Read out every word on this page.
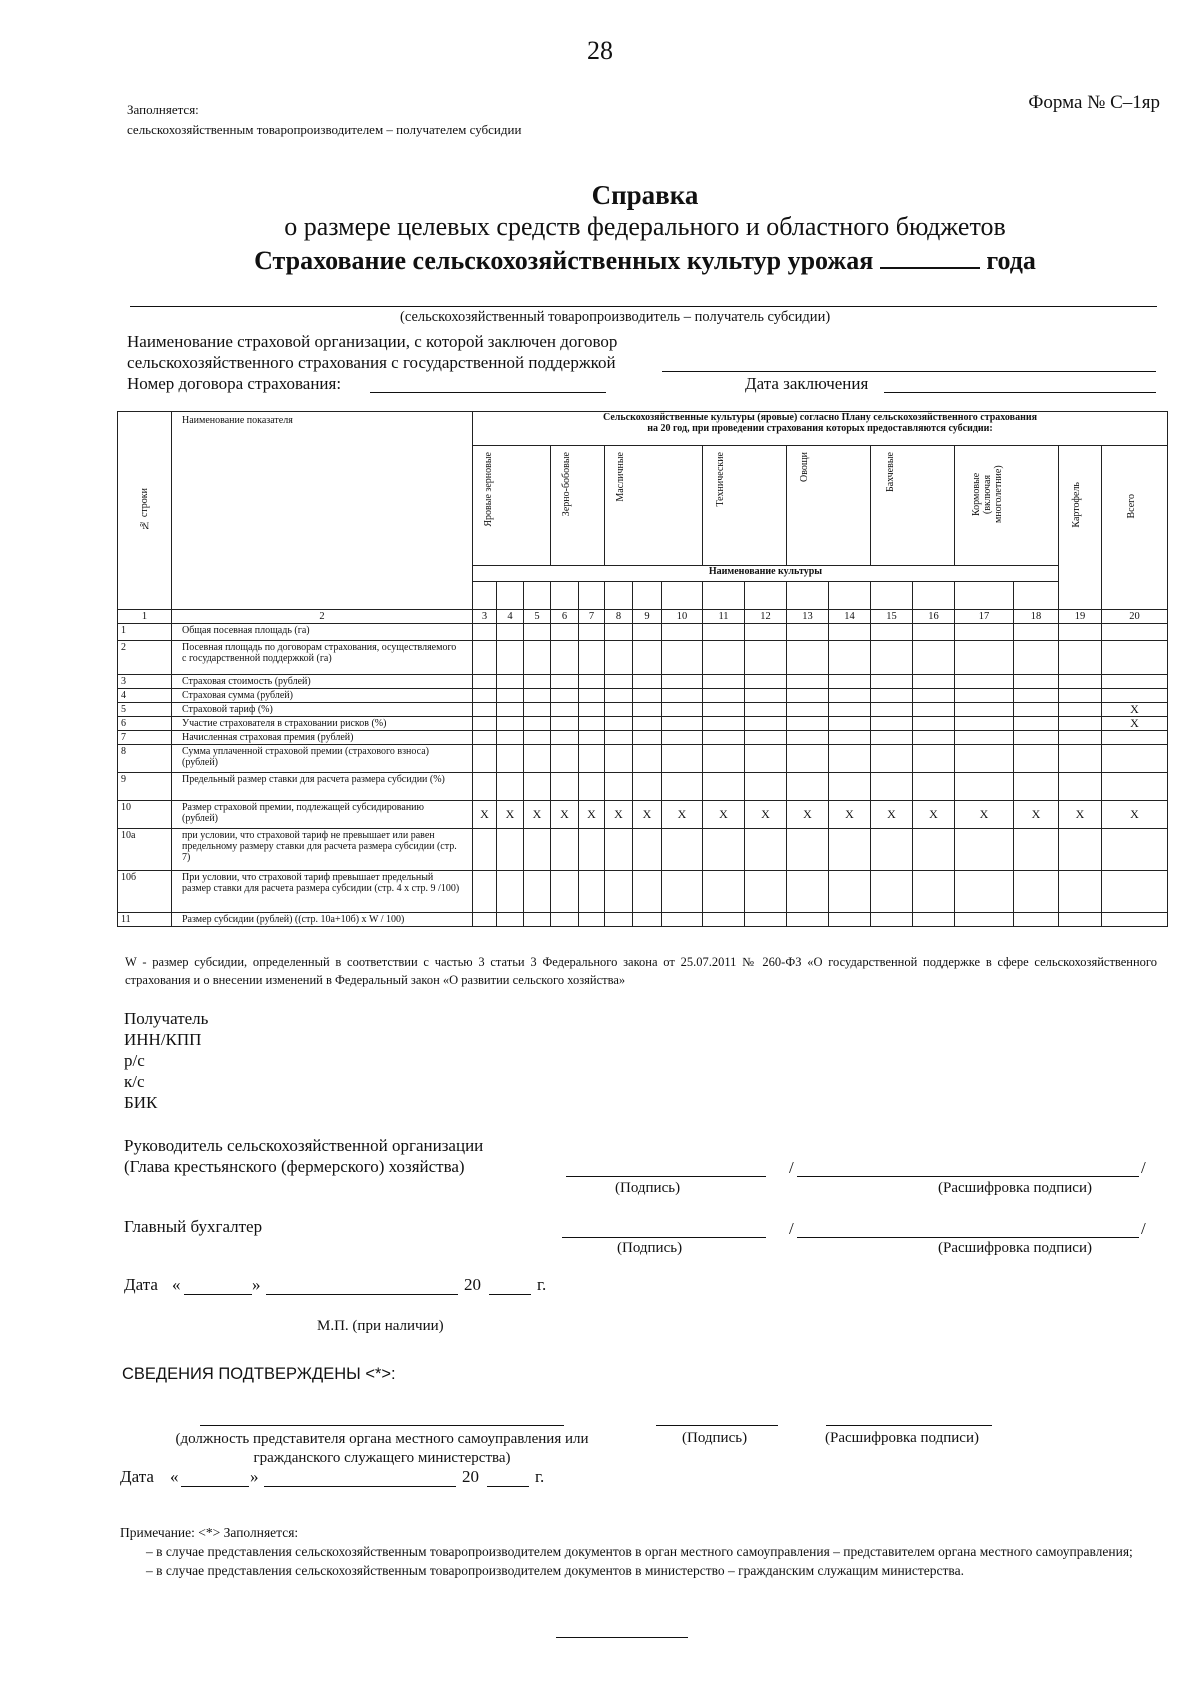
28
Заполняется:
сельскохозяйственным товаропроизводителем – получателем субсидии
Форма № С–1яр
Справка
о размере целевых средств федерального и областного бюджетов
Страхование сельскохозяйственных культур урожая	года
(сельскохозяйственный товаропроизводитель – получатель субсидии)
Наименование страховой организации, с которой заключен договор
сельскохозяйственного страхования с государственной поддержкой
Номер договора страхования:	Дата заключения
№ строки	Наименование показателя	Сельскохозяйственные культуры (яровые) согласно Плану сельскохозяйственного страхования
на 20 год, при проведении страхования которых предоставляются субсидии:																	

		Яровые зерновые			Зерно-бобовые		Масличные			Технические		Овощи		Бахчевые		Кормовые (включая многолетние)		Картофель	Всего
		Наименование культуры																	

1	2	3	4	5	6	7	8	9	10	11	12	13	14	15	16	17	18	19	20
1	Общая посевная площадь (га)																		
2	Посевная площадь по договорам страхования, осуществляемого с государственной поддержкой (га)																		
3	Страховая стоимость (рублей)																		
4	Страховая сумма (рублей)																		
5	Страховой тариф (%)																		Х
6	Участие страхователя в страховании рисков (%)																		Х
7	Начисленная страховая премия (рублей)																		
8	Сумма уплаченной страховой премии (страхового взноса) (рублей)																		
9	Предельный размер ставки для расчета размера субсидии (%)																		
10	Размер страховой премии, подлежащей субсидированию (рублей)	Х	Х	Х	Х	Х	Х	Х	Х	Х	Х	Х	Х	Х	Х	Х	Х	Х	Х
10а	при условии, что страховой тариф не превышает или равен предельному размеру ставки для расчета размера субсидии (стр. 7)																		
10б	При условии, что страховой тариф превышает предельный размер ставки для расчета размера субсидии (стр. 4 х стр. 9 /100)																		
11	Размер субсидии (рублей) ((стр. 10а+10б) х W / 100)																		
W - размер субсидии, определенный в соответствии с частью 3 статьи 3 Федерального закона от 25.07.2011 № 260-ФЗ «О государственной поддержке в сфере сельскохозяйственного страхования и о внесении изменений в Федеральный закон «О развитии сельского хозяйства»
Получатель
ИНН/КПП
р/с
к/с
БИК
Руководитель сельскохозяйственной организации
(Глава крестьянского (фермерского) хозяйства)	/	/
(Подпись)	(Расшифровка подписи)
Главный бухгалтер	/	/
(Подпись)	(Расшифровка подписи)
Дата «	»	20	г.
М.П. (при наличии)
СВЕДЕНИЯ ПОДТВЕРЖДЕНЫ <*>:
(должность представителя органа местного самоуправления или
гражданского служащего министерства)
(Подпись)	(Расшифровка подписи)
Дата «	»	20	г.

Примечание: <*> Заполняется:

– в случае представления сельскохозяйственным товаропроизводителем документов в орган местного самоуправления – представителем органа местного самоуправления;

– в случае представления сельскохозяйственным товаропроизводителем документов в министерство – гражданским служащим министерства.
